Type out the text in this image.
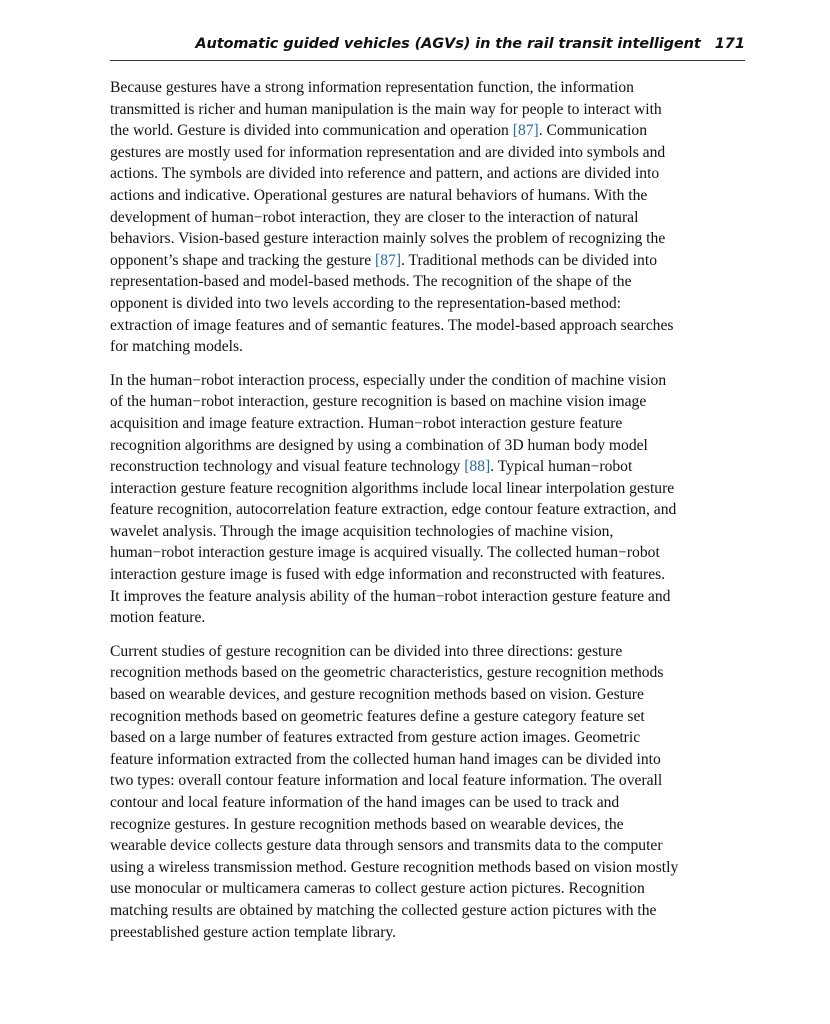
Automatic guided vehicles (AGVs) in the rail transit intelligent 171

Because gestures have a strong information representation function, the information
transmitted is richer and human manipulation is the main way for people to interact with
the world. Gesture is divided into communication and operation [87]. Communication
gestures are mostly used for information representation and are divided into symbols and
actions. The symbols are divided into reference and pattern, and actions are divided into
actions and indicative. Operational gestures are natural behaviors of humans. With the
development of human−robot interaction, they are closer to the interaction of natural
behaviors. Vision-based gesture interaction mainly solves the problem of recognizing the
opponent’s shape and tracking the gesture [87]. Traditional methods can be divided into
representation-based and model-based methods. The recognition of the shape of the
opponent is divided into two levels according to the representation-based method:
extraction of image features and of semantic features. The model-based approach searches
for matching models.

In the human−robot interaction process, especially under the condition of machine vision
of the human−robot interaction, gesture recognition is based on machine vision image
acquisition and image feature extraction. Human−robot interaction gesture feature
recognition algorithms are designed by using a combination of 3D human body model
reconstruction technology and visual feature technology [88]. Typical human−robot
interaction gesture feature recognition algorithms include local linear interpolation gesture
feature recognition, autocorrelation feature extraction, edge contour feature extraction, and
wavelet analysis. Through the image acquisition technologies of machine vision,
human−robot interaction gesture image is acquired visually. The collected human−robot
interaction gesture image is fused with edge information and reconstructed with features.
It improves the feature analysis ability of the human−robot interaction gesture feature and
motion feature.

Current studies of gesture recognition can be divided into three directions: gesture
recognition methods based on the geometric characteristics, gesture recognition methods
based on wearable devices, and gesture recognition methods based on vision. Gesture
recognition methods based on geometric features define a gesture category feature set
based on a large number of features extracted from gesture action images. Geometric
feature information extracted from the collected human hand images can be divided into
two types: overall contour feature information and local feature information. The overall
contour and local feature information of the hand images can be used to track and
recognize gestures. In gesture recognition methods based on wearable devices, the
wearable device collects gesture data through sensors and transmits data to the computer
using a wireless transmission method. Gesture recognition methods based on vision mostly
use monocular or multicamera cameras to collect gesture action pictures. Recognition
matching results are obtained by matching the collected gesture action pictures with the
preestablished gesture action template library.
